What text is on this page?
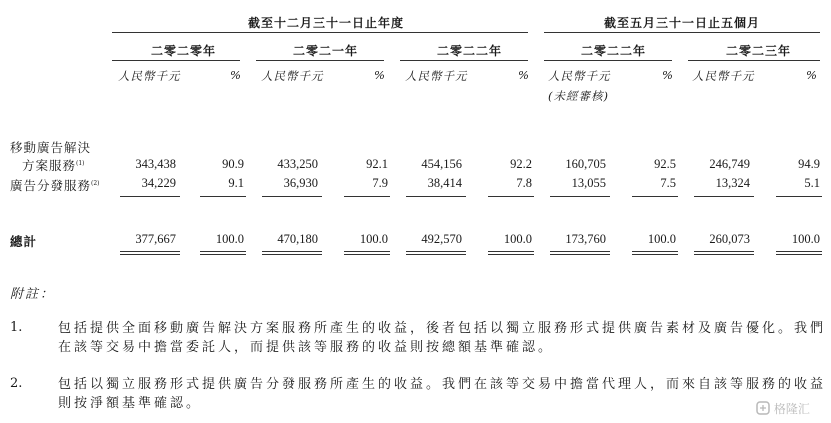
截至十二月三十一日止年度	截至五月三十一日止五個月
二零二零年	二零二一年	二零二二年	二零二二年	二零二三年
人民幣千元	% 人民幣千元	% 人民幣千元	% 人民幣千元	% 人民幣千元	%
(未經審核)
移動廣告解決
方案服務$^{(1)}$	343,438	90.9	433,250	92.1	454,156	92.2	160,705	92.5	246,749	94.9
廣告分發服務$^{(2)}$	34,229	9.1	36,930	7.9	38,414	7.8	13,055	7.5	13,324	5.1
總計	377,667	100.0	470,180	100.0	492,570	100.0	173,760	100.0	260,073	100.0
附註：
1.	包括提供全面移動廣告解決方案服務所產生的收益，後者包括以獨立服務形式提供廣告素材及廣告優化。我們在該等交易中擔當委託人，而提供該等服務的收益則按總額基準確認。
2.	包括以獨立服務形式提供廣告分發服務所產生的收益。我們在該等交易中擔當代理人，而來自該等服務的收益則按淨額基準確認。	格隆汇
